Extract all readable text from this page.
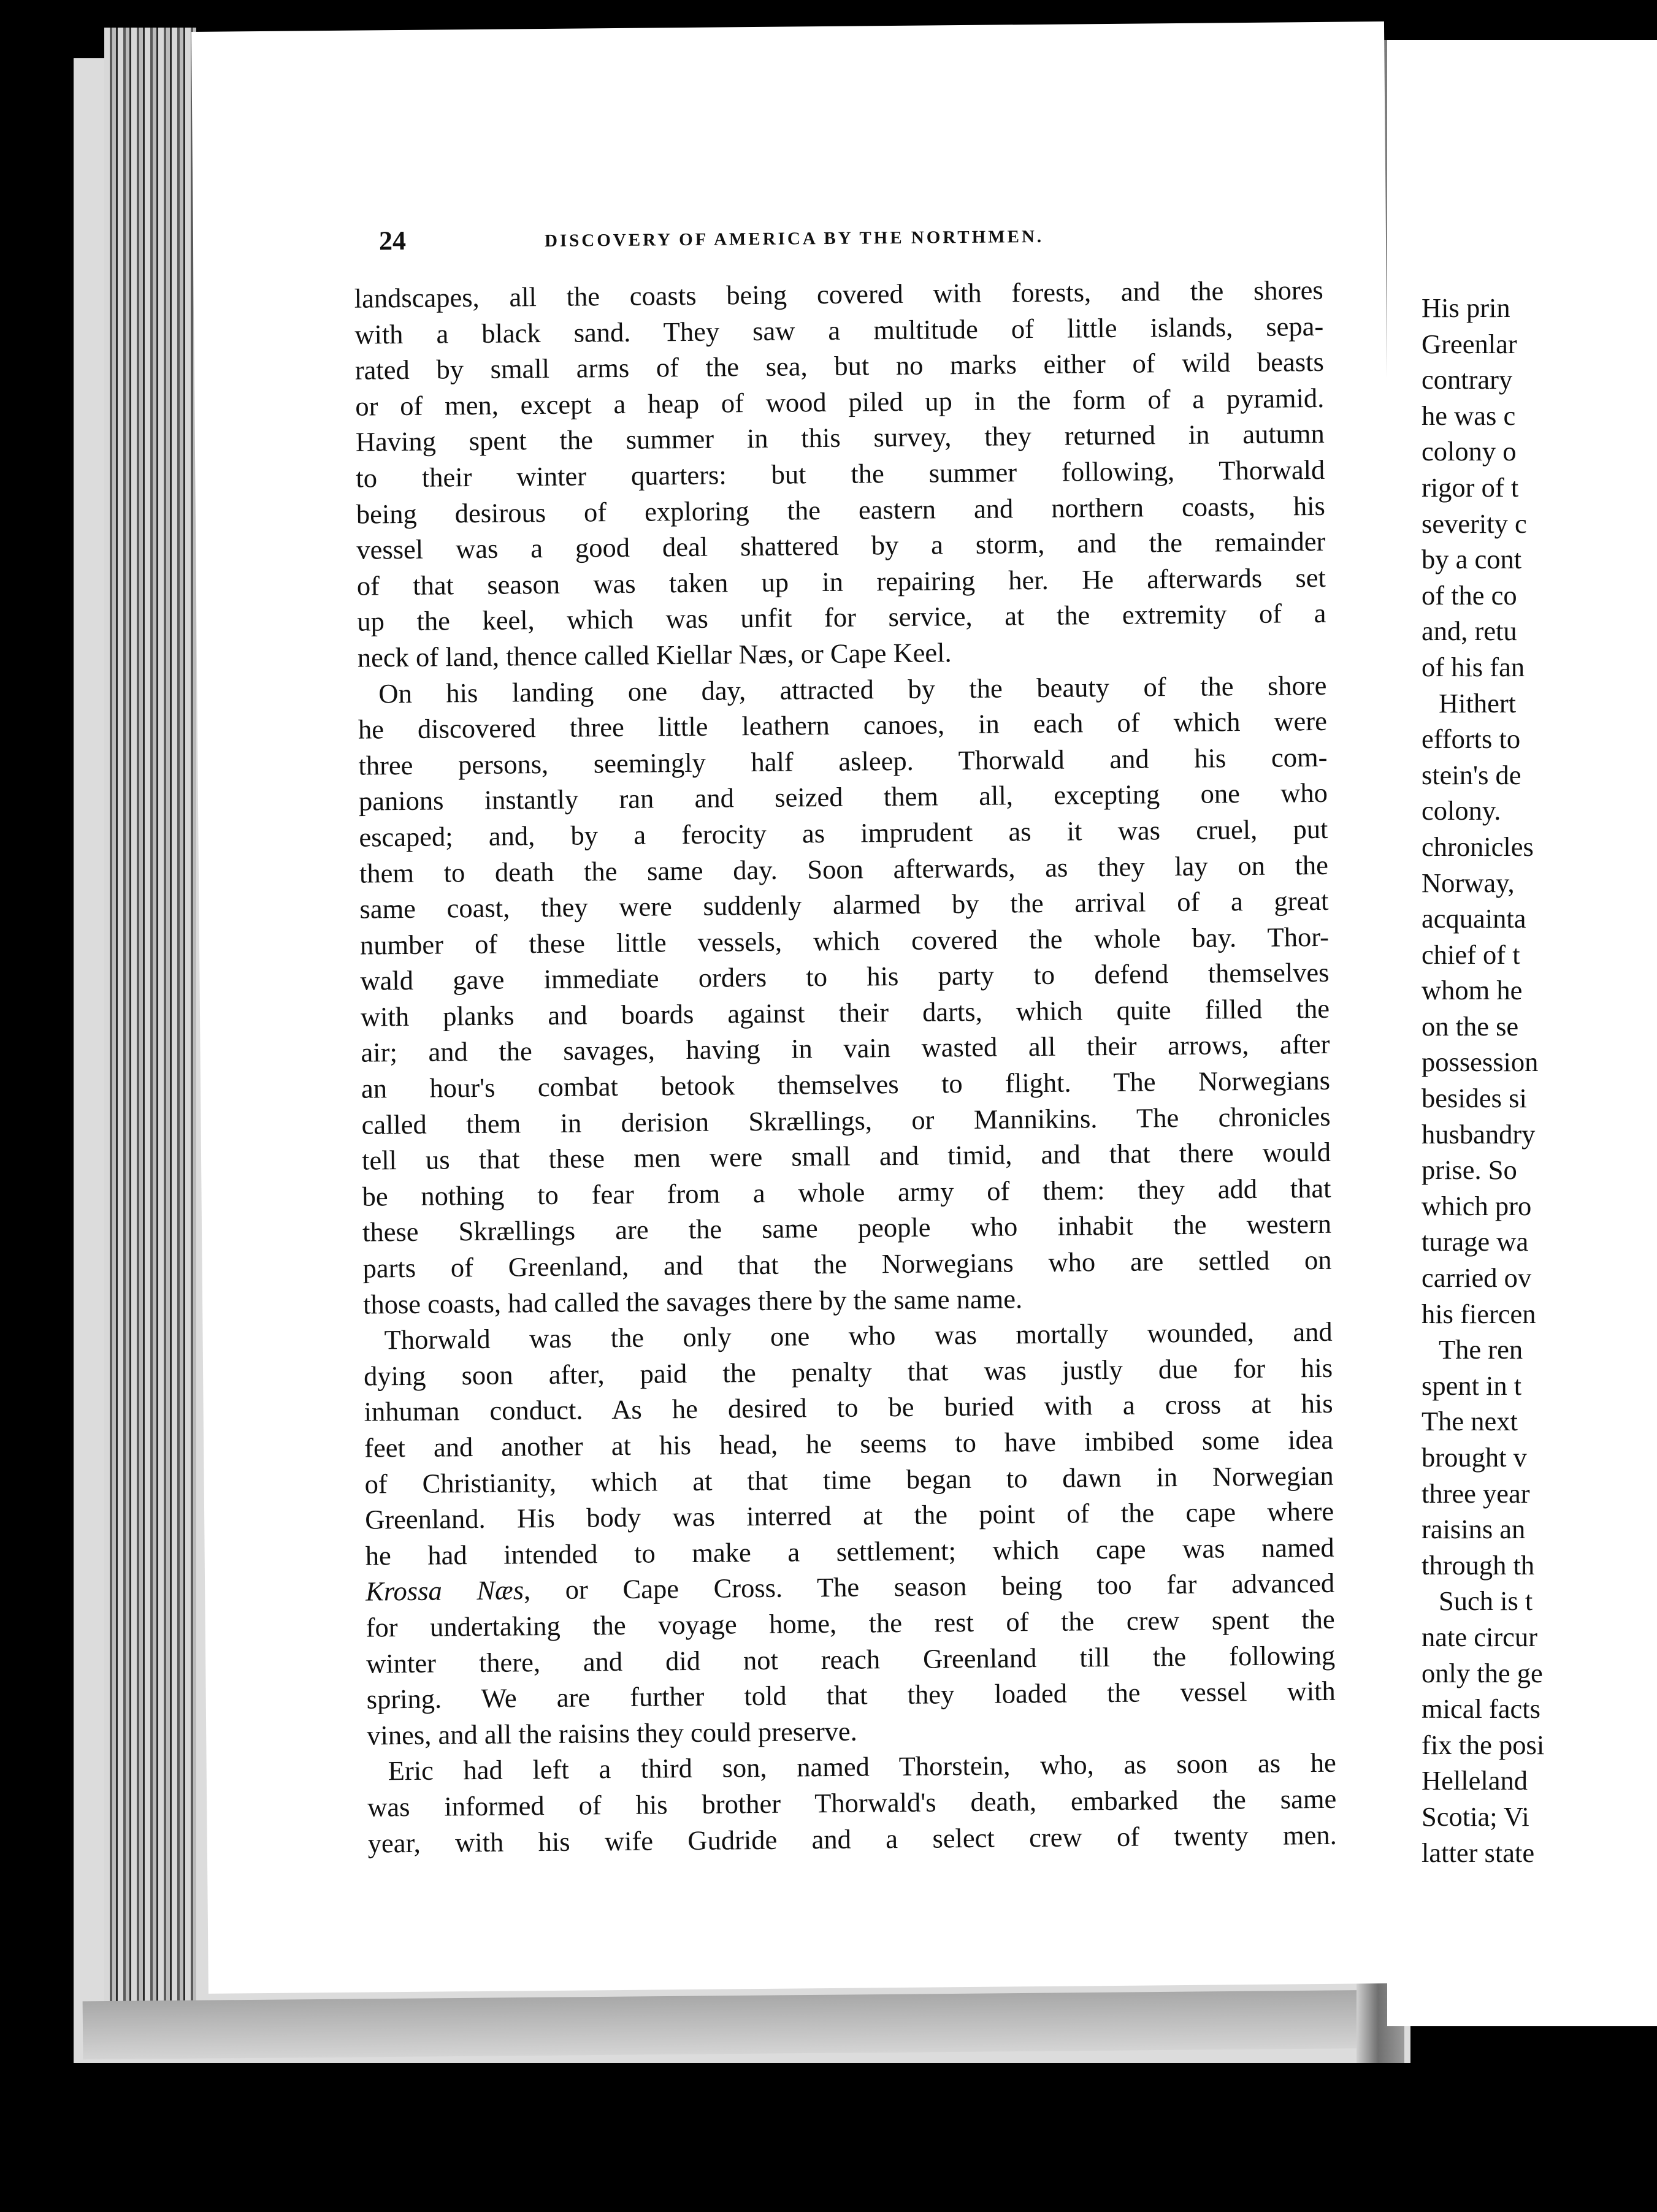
24	DISCOVERY OF AMERICA BY THE NORTHMEN.
landscapes, all the coasts being covered with forests, and the shores
with a black sand. They saw a multitude of little islands, sepa-
rated by small arms of the sea, but no marks either of wild beasts
or of men, except a heap of wood piled up in the form of a pyramid.
Having spent the summer in this survey, they returned in autumn
to their winter quarters: but the summer following, Thorwald
being desirous of exploring the eastern and northern coasts, his
vessel was a good deal shattered by a storm, and the remainder
of that season was taken up in repairing her. He afterwards set
up the keel, which was unfit for service, at the extremity of a
neck of land, thence called Kiellar Næs, or Cape Keel.
On his landing one day, attracted by the beauty of the shore
he discovered three little leathern canoes, in each of which were
three persons, seemingly half asleep. Thorwald and his com-
panions instantly ran and seized them all, excepting one who
escaped; and, by a ferocity as imprudent as it was cruel, put
them to death the same day. Soon afterwards, as they lay on the
same coast, they were suddenly alarmed by the arrival of a great
number of these little vessels, which covered the whole bay. Thor-
wald gave immediate orders to his party to defend themselves
with planks and boards against their darts, which quite filled the
air; and the savages, having in vain wasted all their arrows, after
an hour's combat betook themselves to flight. The Norwegians
called them in derision Skrællings, or Mannikins. The chronicles
tell us that these men were small and timid, and that there would
be nothing to fear from a whole army of them: they add that
these Skrællings are the same people who inhabit the western
parts of Greenland, and that the Norwegians who are settled on
those coasts, had called the savages there by the same name.
Thorwald was the only one who was mortally wounded, and
dying soon after, paid the penalty that was justly due for his
inhuman conduct. As he desired to be buried with a cross at his
feet and another at his head, he seems to have imbibed some idea
of Christianity, which at that time began to dawn in Norwegian
Greenland. His body was interred at the point of the cape where
he had intended to make a settlement; which cape was named
Krossa Næs, or Cape Cross. The season being too far advanced
for undertaking the voyage home, the rest of the crew spent the
winter there, and did not reach Greenland till the following
spring. We are further told that they loaded the vessel with
vines, and all the raisins they could preserve.
Eric had left a third son, named Thorstein, who, as soon as he
was informed of his brother Thorwald's death, embarked the same
year, with his wife Gudride and a select crew of twenty men.
His prin
Greenlar
contrary
he was c
colony o
rigor of t
severity c
by a cont
of the co
and, retu
of his fan
Hithert
efforts to
stein's de
colony.
chronicles
Norway,
acquainta
chief of t
whom he
on the se
possession
besides si
husbandry
prise. So
which pro
turage wa
carried ov
his fiercen
The ren
spent in t
The next
brought v
three year
raisins an
through th
Such is t
nate circur
only the ge
mical facts
fix the posi
Helleland
Scotia; Vi
latter state
